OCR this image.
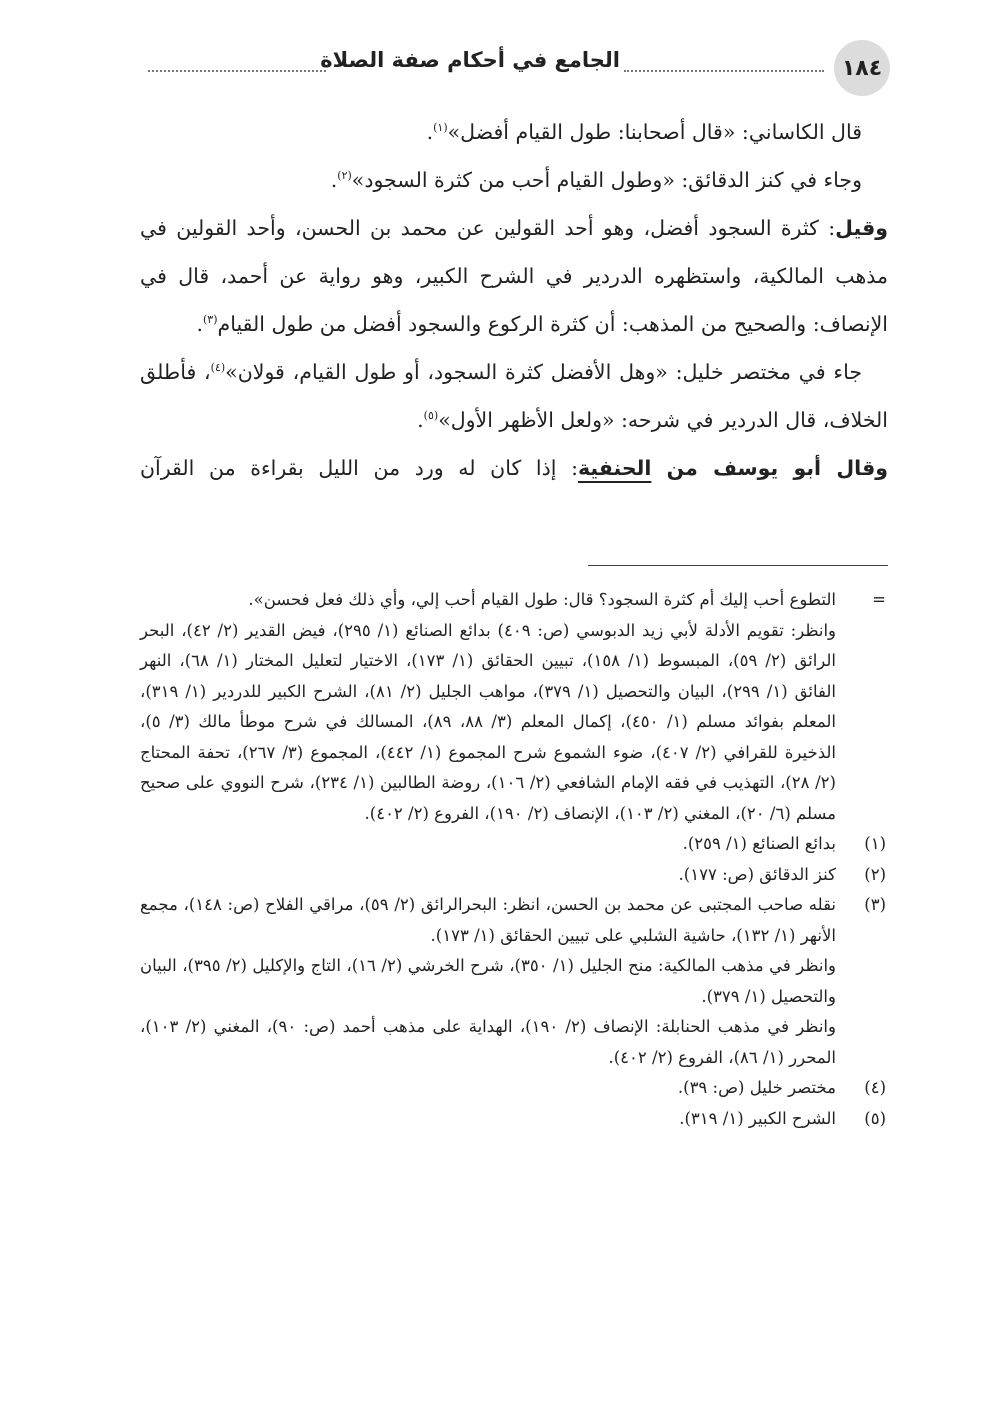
١٨٤
الجامع في أحكام صفة الصلاة

قال الكاساني: «قال أصحابنا: طول القيام أفضل»$^{(١)}$.

وجاء في كنز الدقائق: «وطول القيام أحب من كثرة السجود»$^{(٢)}$.

وقيل: كثرة السجود أفضل، وهو أحد القولين عن محمد بن الحسن، وأحد القولين في مذهب المالكية، واستظهره الدردير في الشرح الكبير، وهو رواية عن أحمد، قال في الإنصاف: والصحيح من المذهب: أن كثرة الركوع والسجود أفضل من طول القيام$^{(٣)}$.

جاء في مختصر خليل: «وهل الأفضل كثرة السجود، أو طول القيام، قولان»$^{(٤)}$، فأطلق الخلاف، قال الدردير في شرحه: «ولعل الأظهر الأول»$^{(٥)}$.

وقال أبو يوسف من الحنفية: إذا كان له ورد من الليل بقراءة من القرآن

=
التطوع أحب إليك أم كثرة السجود؟ قال: طول القيام أحب إلي، وأي ذلك فعل فحسن».

وانظر: تقويم الأدلة لأبي زيد الدبوسي (ص: ٤٠٩) بدائع الصنائع (١/ ٢٩٥)، فيض القدير (٢/ ٤٢)، البحر الرائق (٢/ ٥٩)، المبسوط (١/ ١٥٨)، تبيين الحقائق (١/ ١٧٣)، الاختيار لتعليل المختار (١/ ٦٨)، النهر الفائق (١/ ٢٩٩)، البيان والتحصيل (١/ ٣٧٩)، مواهب الجليل (٢/ ٨١)، الشرح الكبير للدردير (١/ ٣١٩)، المعلم بفوائد مسلم (١/ ٤٥٠)، إكمال المعلم (٣/ ٨٨، ٨٩)، المسالك في شرح موطأ مالك (٣/ ٥)، الذخيرة للقرافي (٢/ ٤٠٧)، ضوء الشموع شرح المجموع (١/ ٤٤٢)، المجموع (٣/ ٢٦٧)، تحفة المحتاج (٢/ ٢٨)، التهذيب في فقه الإمام الشافعي (٢/ ١٠٦)، روضة الطالبين (١/ ٢٣٤)، شرح النووي على صحيح مسلم (٦/ ٢٠)، المغني (٢/ ١٠٣)، الإنصاف (٢/ ١٩٠)، الفروع (٢/ ٤٠٢).

(١)
بدائع الصنائع (١/ ٢٥٩).

(٢)
كنز الدقائق (ص: ١٧٧).

(٣)
نقله صاحب المجتبى عن محمد بن الحسن، انظر: البحرالرائق (٢/ ٥٩)، مراقي الفلاح (ص: ١٤٨)، مجمع الأنهر (١/ ١٣٢)، حاشية الشلبي على تبيين الحقائق (١/ ١٧٣).

وانظر في مذهب المالكية: منح الجليل (١/ ٣٥٠)، شرح الخرشي (٢/ ١٦)، التاج والإكليل (٢/ ٣٩٥)، البيان والتحصيل (١/ ٣٧٩).

وانظر في مذهب الحنابلة: الإنصاف (٢/ ١٩٠)، الهداية على مذهب أحمد (ص: ٩٠)، المغني (٢/ ١٠٣)، المحرر (١/ ٨٦)، الفروع (٢/ ٤٠٢).

(٤)
مختصر خليل (ص: ٣٩).

(٥)
الشرح الكبير (١/ ٣١٩).
